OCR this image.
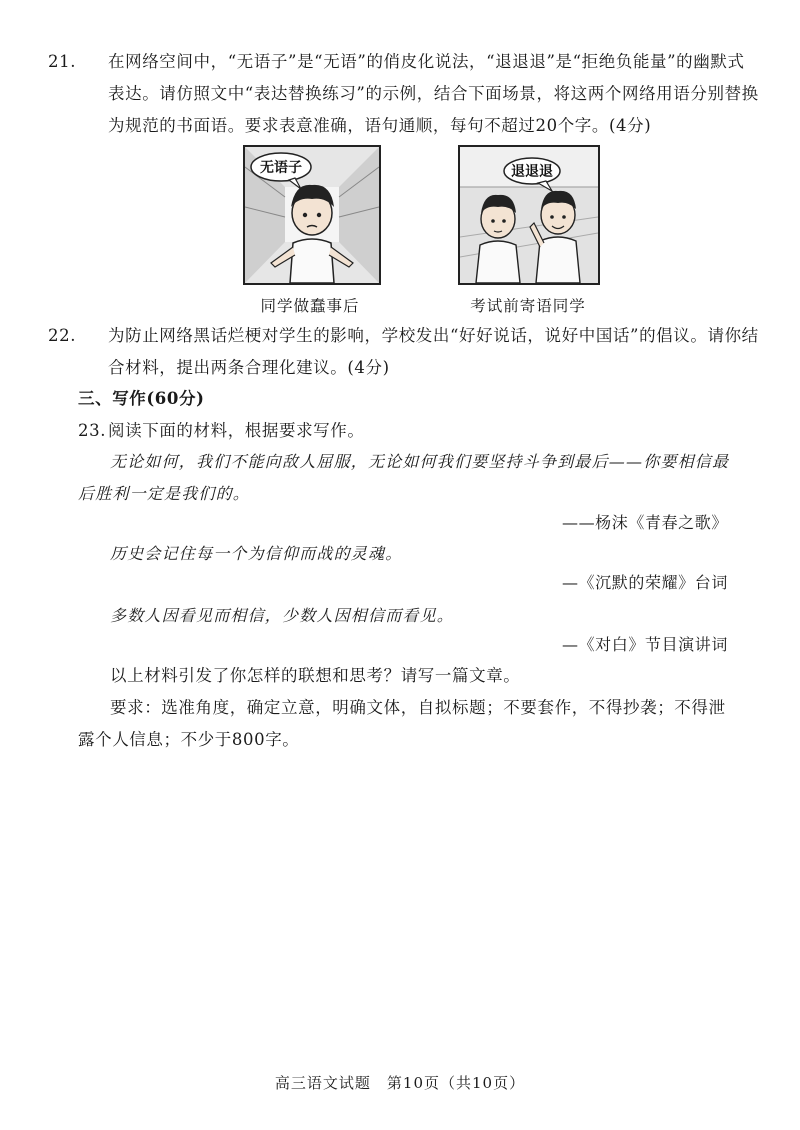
21. 在网络空间中，“无语子”是“无语”的俏皮化说法，“退退退”是“拒绝负能量”的幽默式表达。请仿照文中“表达替换练习”的示例，结合下面场景，将这两个网络用语分别替换为规范的书面语。要求表意准确，语句通顺，每句不超过20个字。(4分)
无语子
同学做蠢事后
退退退
考试前寄语同学
22. 为防止网络黑话烂梗对学生的影响，学校发出“好好说话，说好中国话”的倡议。请你结合材料，提出两条合理化建议。(4分)
三、写作(60分)
23. 阅读下面的材料，根据要求写作。
无论如何，我们不能向敌人屈服，无论如何我们要坚持斗争到最后——你要相信最后胜利一定是我们的。
——杨沫《青春之歌》
历史会记住每一个为信仰而战的灵魂。
—《沉默的荣耀》台词
多数人因看见而相信，少数人因相信而看见。
—《对白》节目演讲词
以上材料引发了你怎样的联想和思考？请写一篇文章。
要求：选准角度，确定立意，明确文体，自拟标题；不要套作，不得抄袭；不得泄露个人信息；不少于800字。
高三语文试题　第10页（共10页）
